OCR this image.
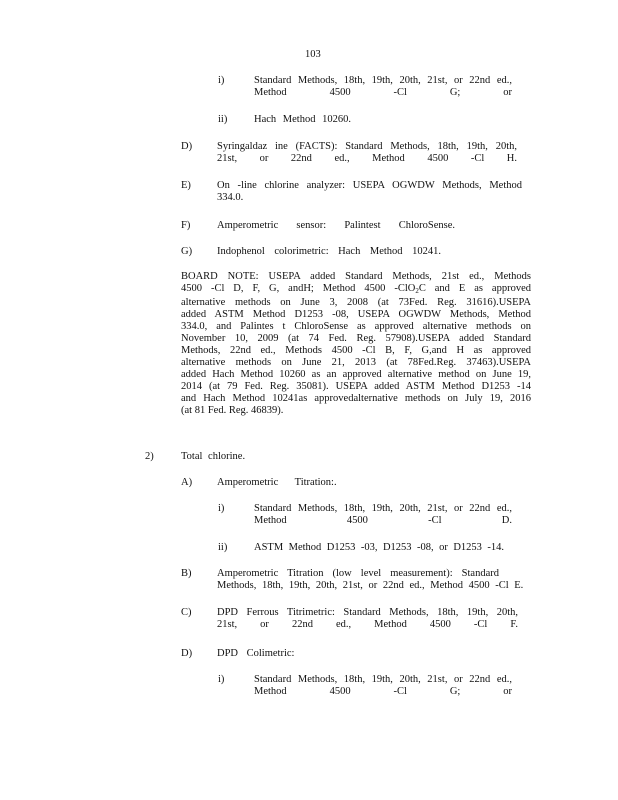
103
i)	Standard Methods, 18th, 19th, 20th, 21st, or 22nd ed.,
Method 4500 -Cl G; or
ii)	Hach Method 10260.
D) Syringaldaz ine (FACTS): Standard Methods, 18th, 19th, 20th,
21st, or 22nd ed., Method 4500 -Cl H.
E) On -line chlorine analyzer: USEPA OGWDW Methods, Method
334.0.
F)	Amperometric sensor: Palintest ChloroSense.
G) Indophenol colorimetric: Hach Method 10241.
BOARD NOTE: USEPA added Standard Methods, 21st ed., Methods
4500 -Cl D, F, G, andH; Method 4500 -ClO$_2$C and E as approved
alternative methods on June 3, 2008 (at 73Fed. Reg. 31616).USEPA
added ASTM Method D1253 -08, USEPA OGWDW Methods, Method
334.0, and Palintes t ChloroSense as approved alternative methods on
November 10, 2009 (at 74 Fed. Reg. 57908).USEPA added Standard
Methods, 22nd ed., Methods 4500 -Cl B, F, G,and H as approved
alternative methods on June 21, 2013 (at 78Fed.Reg. 37463).USEPA
added Hach Method 10260 as an approved alternative method on June 19,
2014 (at 79 Fed. Reg. 35081). USEPA added ASTM Method D1253 -14
and Hach Method 10241as approvedalternative methods on July 19, 2016
(at 81 Fed. Reg. 46839).
2)	Total chlorine.
A) Amperometric Titration:.
i)	Standard Methods, 18th, 19th, 20th, 21st, or 22nd ed.,
Method 4500 -Cl D.
ii)	ASTM Method D1253 -03, D1253 -08, or D1253 -14.
B) Amperometric Titration (low level measurement): Standard
Methods, 18th, 19th, 20th, 21st, or 22nd ed., Method 4500 -Cl E.
C) DPD Ferrous Titrimetric: Standard Methods, 18th, 19th, 20th,
21st, or 22nd ed., Method 4500 -Cl F.
D) DPD Colimetric:
i)	Standard Methods, 18th, 19th, 20th, 21st, or 22nd ed.,
Method 4500 -Cl G; or
